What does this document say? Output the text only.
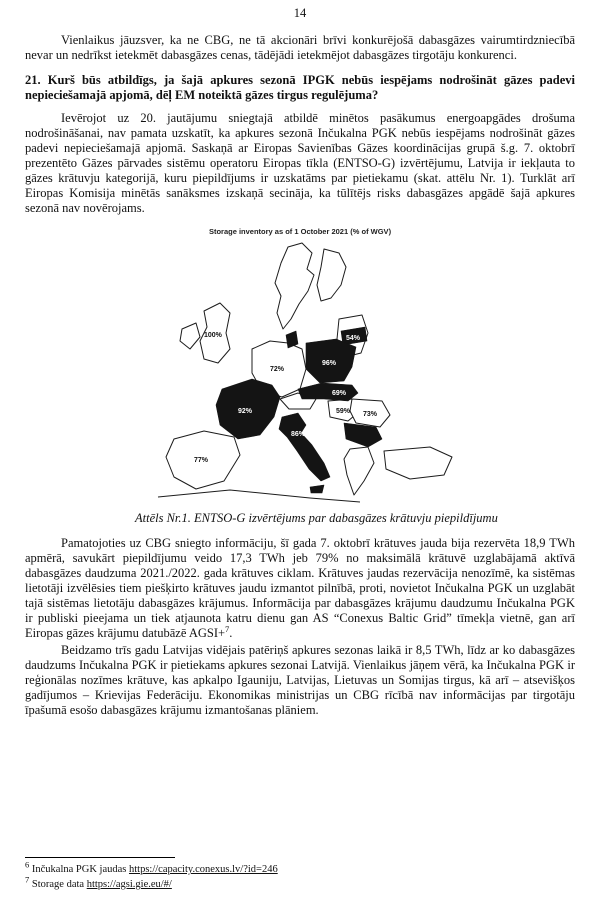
14

Vienlaikus jāuzsver, ka ne CBG, ne tā akcionāri brīvi konkurējošā dabasgāzes vairumtirdzniecībā nevar un nedrīkst ietekmēt dabasgāzes cenas, tādējādi ietekmējot dabasgāzes tirgotāju konkurenci.

21. Kurš būs atbildīgs, ja šajā apkures sezonā IPGK nebūs iespējams nodrošināt gāzes padevi nepieciešamajā apjomā, dēļ EM noteiktā gāzes tirgus regulējuma?

Ievērojot uz 20. jautājumu sniegtajā atbildē minētos pasākumus energoapgādes drošuma nodrošināšanai, nav pamata uzskatīt, ka apkures sezonā Inčukalna PGK nebūs iespējams nodrošināt gāzes padevi nepieciešamajā apjomā. Saskaņā ar Eiropas Savienības Gāzes koordinācijas grupā š.g. 7. oktobrī prezentēto Gāzes pārvades sistēmu operatoru Eiropas tīkla (ENTSO-G) izvērtējumu, Latvija ir iekļauta to gāzes krātuvju kategorijā, kuru piepildījums ir uzskatāms par pietiekamu (skat. attēlu Nr. 1). Turklāt arī Eiropas Komisija minētās sanāksmes izskaņā secināja, ka tūlītējs risks dabasgāzes apgādē šajā apkures sezonā nav novērojams.

Storage inventory as of 1 October 2021 (% of WGV)
100%	54%
96%
72%
69%
92%	59% 73%
86%
77%
Attēls Nr.1. ENTSO-G izvērtējums par dabasgāzes krātuvju piepildījumu

Pamatojoties uz CBG sniegto informāciju, šī gada 7. oktobrī krātuves jauda bija rezervēta 18,9 TWh apmērā, savukārt piepildījumu veido 17,3 TWh jeb 79% no maksimālā krātuvē uzglabājamā aktīvā dabasgāzes daudzuma 2021./2022. gada krātuves ciklam. Krātuves jaudas rezervācija nenozīmē, ka sistēmas lietotāji izvēlēsies tiem piešķirto krātuves jaudu izmantot pilnībā, proti, novietot Inčukalna PGK un uzglabāt tajā sistēmas lietotāju dabasgāzes krājumus. Informācija par dabasgāzes krājumu daudzumu Inčukalna PGK ir publiski pieejama un tiek atjaunota katru dienu gan AS “Conexus Baltic Grid” tīmekļa vietnē, gan arī Eiropas gāzes krājumu datubāzē AGSI+$^7$.

Beidzamo trīs gadu Latvijas vidējais patēriņš apkures sezonas laikā ir 8,5 TWh, līdz ar ko dabasgāzes daudzums Inčukalna PGK ir pietiekams apkures sezonai Latvijā. Vienlaikus jāņem vērā, ka Inčukalna PGK ir reģionālas nozīmes krātuve, kas apkalpo Igauniju, Latvijas, Lietuvas un Somijas tirgus, kā arī – atsevišķos gadījumos – Krievijas Federāciju. Ekonomikas ministrijas un CBG rīcībā nav informācijas par tirgotāju īpašumā esošo dabasgāzes krājumu izmantošanas plāniem.

$^6$ Inčukalna PGK jaudas https://capacity.conexus.lv/?id=246
$^7$ Storage data https://agsi.gie.eu/#/
